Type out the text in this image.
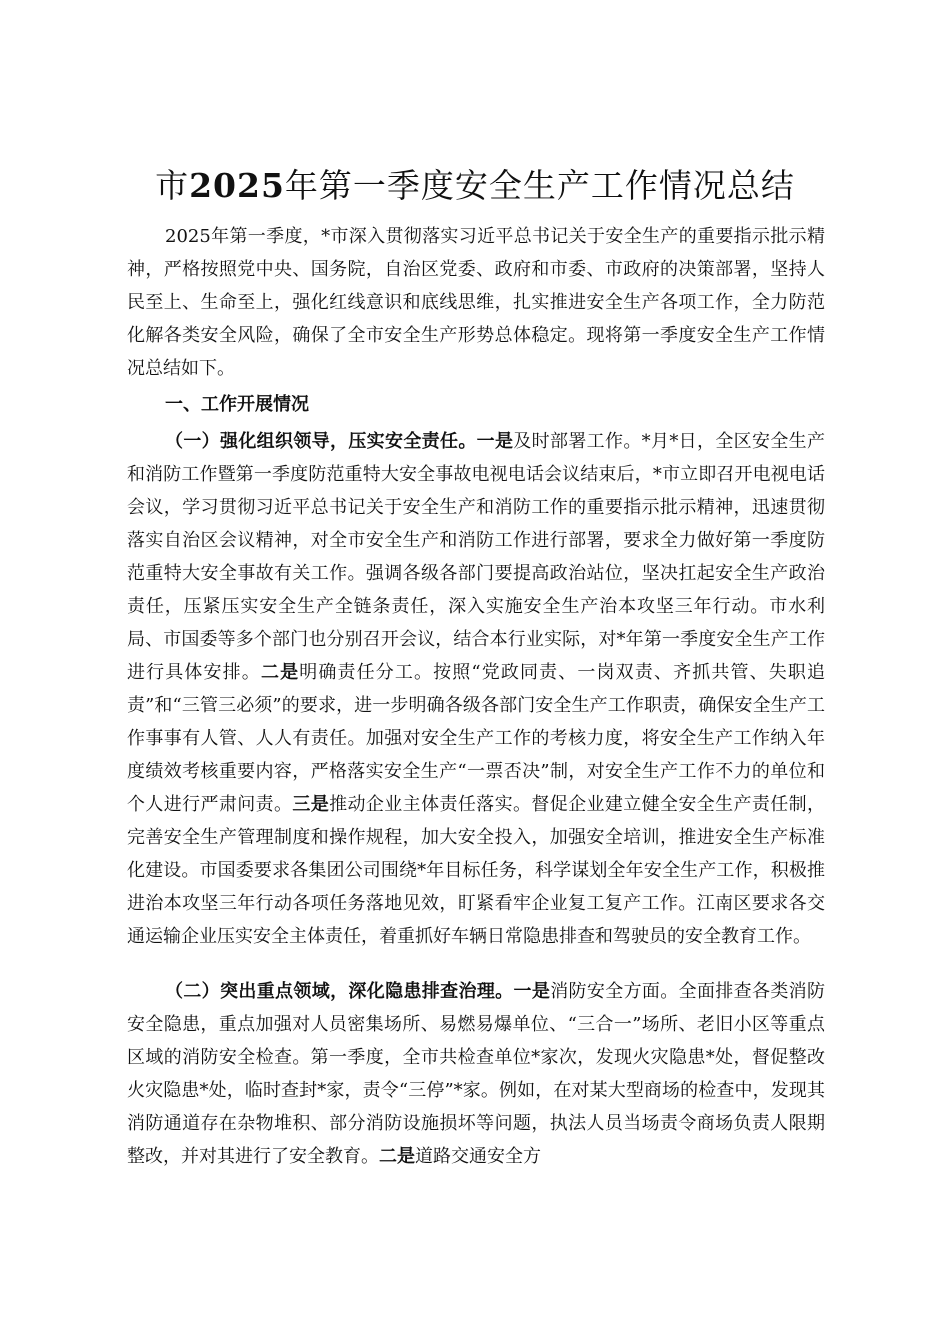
市2025年第一季度安全生产工作情况总结

2025年第一季度，*市深入贯彻落实习近平总书记关于安全生产的重要指示批示精神，严格按照党中央、国务院，自治区党委、政府和市委、市政府的决策部署，坚持人民至上、生命至上，强化红线意识和底线思维，扎实推进安全生产各项工作，全力防范化解各类安全风险，确保了全市安全生产形势总体稳定。现将第一季度安全生产工作情况总结如下。

一、工作开展情况

（一）强化组织领导，压实安全责任。一是及时部署工作。*月*日，全区安全生产和消防工作暨第一季度防范重特大安全事故电视电话会议结束后，*市立即召开电视电话会议，学习贯彻习近平总书记关于安全生产和消防工作的重要指示批示精神，迅速贯彻落实自治区会议精神，对全市安全生产和消防工作进行部署，要求全力做好第一季度防范重特大安全事故有关工作。强调各级各部门要提高政治站位，坚决扛起安全生产政治责任，压紧压实安全生产全链条责任，深入实施安全生产治本攻坚三年行动。市水利局、市国委等多个部门也分别召开会议，结合本行业实际，对*年第一季度安全生产工作进行具体安排。二是明确责任分工。按照“党政同责、一岗双责、齐抓共管、失职追责”和“三管三必须”的要求，进一步明确各级各部门安全生产工作职责，确保安全生产工作事事有人管、人人有责任。加强对安全生产工作的考核力度，将安全生产工作纳入年度绩效考核重要内容，严格落实安全生产“一票否决”制，对安全生产工作不力的单位和个人进行严肃问责。三是推动企业主体责任落实。督促企业建立健全安全生产责任制，完善安全生产管理制度和操作规程，加大安全投入，加强安全培训，推进安全生产标准化建设。市国委要求各集团公司围绕*年目标任务，科学谋划全年安全生产工作，积极推进治本攻坚三年行动各项任务落地见效，盯紧看牢企业复工复产工作。江南区要求各交通运输企业压实安全主体责任，着重抓好车辆日常隐患排查和驾驶员的安全教育工作。

（二）突出重点领域，深化隐患排查治理。一是消防安全方面。全面排查各类消防安全隐患，重点加强对人员密集场所、易燃易爆单位、“三合一”场所、老旧小区等重点区域的消防安全检查。第一季度，全市共检查单位*家次，发现火灾隐患*处，督促整改火灾隐患*处，临时查封*家，责令“三停”*家。例如，在对某大型商场的检查中，发现其消防通道存在杂物堆积、部分消防设施损坏等问题，执法人员当场责令商场负责人限期整改，并对其进行了安全教育。二是道路交通安全方
